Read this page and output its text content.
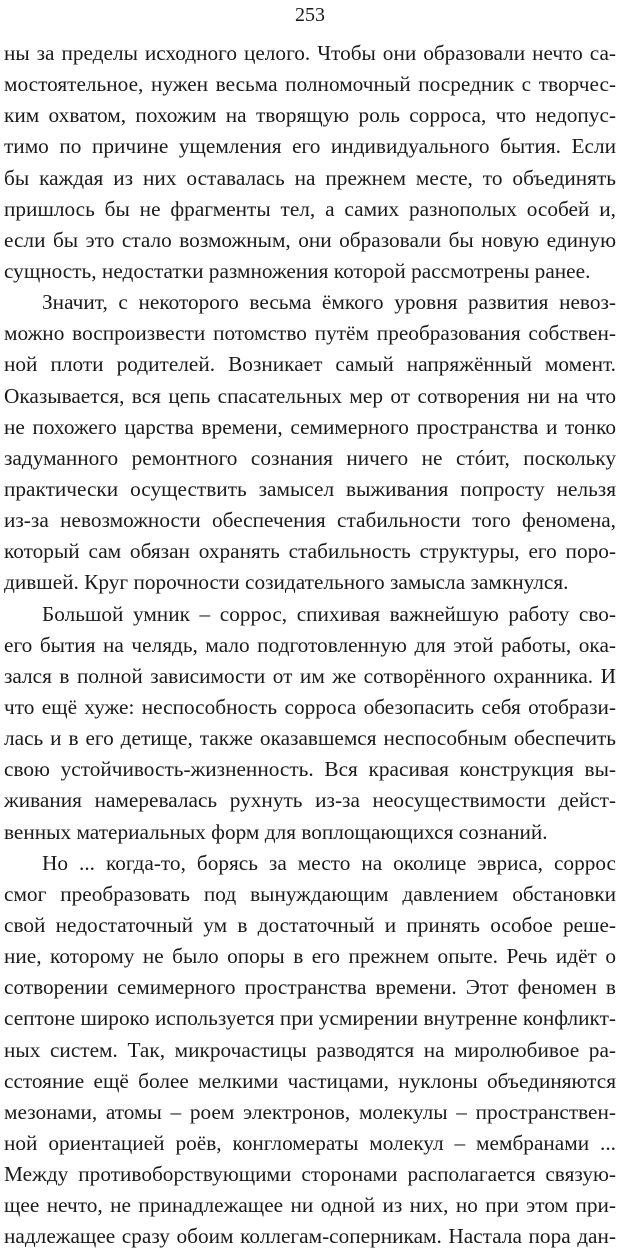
253
ны за пределы исходного целого. Чтобы они образовали нечто са-
мостоятельное, нужен весьма полномочный посредник с творчес-
ким охватом, похожим на творящую роль сорроса, что недопус-
тимо по причине ущемления его индивидуального бытия. Если
бы каждая из них оставалась на прежнем месте, то объединять
пришлось бы не фрагменты тел, а самих разнополых особей и,
если бы это стало возможным, они образовали бы новую единую
сущность, недостатки размножения которой рассмотрены ранее.
Значит, с некоторого весьма ёмкого уровня развития невоз-
можно воспроизвести потомство путём преобразования собствен-
ной плоти родителей. Возникает самый напряжённый момент.
Оказывается, вся цепь спасательных мер от сотворения ни на что
не похожего царства времени, семимерного пространства и тонко
задуманного ремонтного сознания ничего не стóит, поскольку
практически осуществить замысел выживания попросту нельзя
из-за невозможности обеспечения стабильности того феномена,
который сам обязан охранять стабильность структуры, его поро-
дившей. Круг порочности созидательного замысла замкнулся.
Большой умник – соррос, спихивая важнейшую работу сво-
его бытия на челядь, мало подготовленную для этой работы, ока-
зался в полной зависимости от им же сотворённого охранника. И
что ещё хуже: неспособность сорроса обезопасить себя отобрази-
лась и в его детище, также оказавшемся неспособным обеспечить
свою устойчивость-жизненность. Вся красивая конструкция вы-
живания намеревалась рухнуть из-за неосуществимости дейст-
венных материальных форм для воплощающихся сознаний.
Но ... когда-то, борясь за место на околице эвриса, соррос
смог преобразовать под вынуждающим давлением обстановки
свой недостаточный ум в достаточный и принять особое реше-
ние, которому не было опоры в его прежнем опыте. Речь идёт о
сотворении семимерного пространства времени. Этот феномен в
септоне широко используется при усмирении внутренне конфликт-
ных систем. Так, микрочастицы разводятся на миролюбивое ра-
сстояние ещё более мелкими частицами, нуклоны объединяются
мезонами, атомы – роем электронов, молекулы – пространствен-
ной ориентацией роёв, конгломераты молекул – мембранами ...
Между противоборствующими сторонами располагается связую-
щее нечто, не принадлежащее ни одной из них, но при этом при-
надлежащее сразу обоим коллегам-соперникам. Настала пора дан-
